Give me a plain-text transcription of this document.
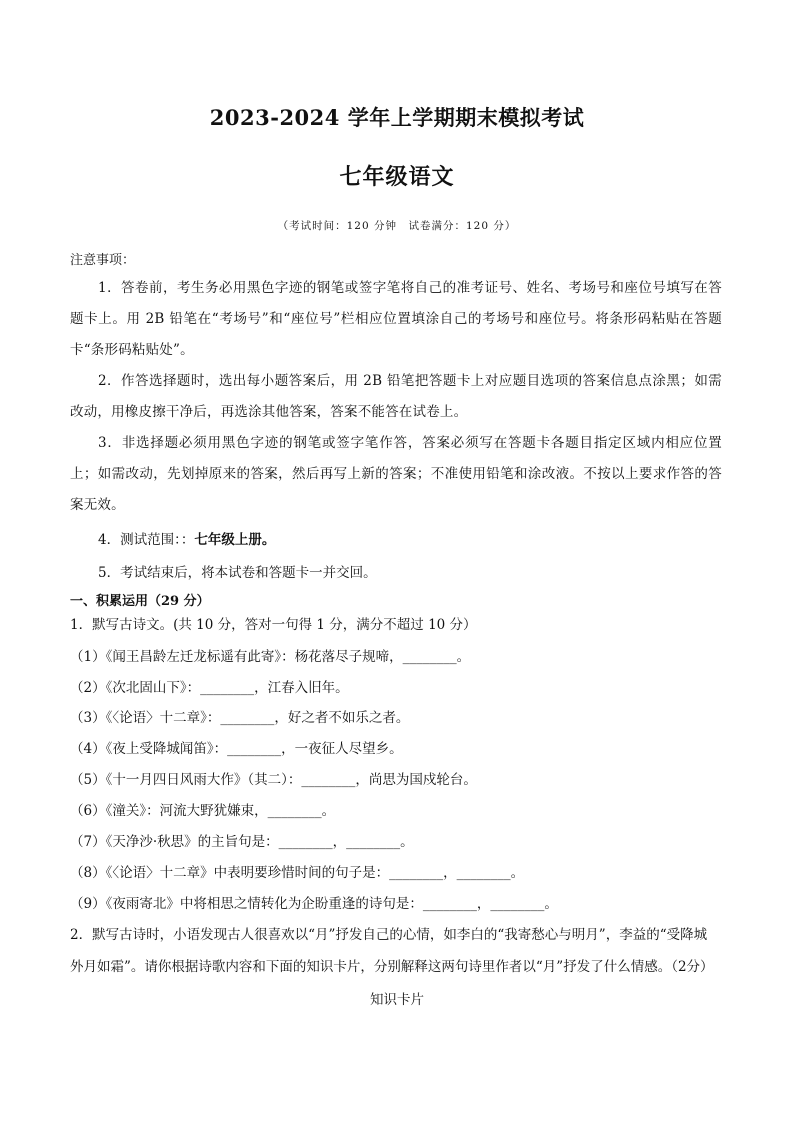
2023-2024 学年上学期期末模拟考试
七年级语文
（考试时间：120 分钟　试卷满分：120 分）
注意事项：
1．答卷前，考生务必用黑色字迹的钢笔或签字笔将自己的准考证号、姓名、考场号和座位号填写在答题卡上。用 2B 铅笔在“考场号”和“座位号”栏相应位置填涂自己的考场号和座位号。将条形码粘贴在答题卡“条形码粘贴处”。
2．作答选择题时，选出每小题答案后，用 2B 铅笔把答题卡上对应题目选项的答案信息点涂黑；如需改动，用橡皮擦干净后，再选涂其他答案，答案不能答在试卷上。
3．非选择题必须用黑色字迹的钢笔或签字笔作答，答案必须写在答题卡各题目指定区域内相应位置上；如需改动，先划掉原来的答案，然后再写上新的答案；不准使用铅笔和涂改液。不按以上要求作答的答案无效。
4．测试范围：：七年级上册。
5．考试结束后，将本试卷和答题卡一并交回。
一、积累运用（29 分）
1．默写古诗文。(共 10 分，答对一句得 1 分，满分不超过 10 分）
（1）《闻王昌龄左迁龙标遥有此寄》：杨花落尽子规啼，________。
（2）《次北固山下》：________，江春入旧年。
（3）《〈论语〉十二章》：________，好之者不如乐之者。
（4）《夜上受降城闻笛》：________，一夜征人尽望乡。
（5）《十一月四日风雨大作》（其二）：________，尚思为国戍轮台。
（6）《潼关》：河流大野犹嫌束，________。
（7）《天净沙·秋思》的主旨句是：________，________。
（8）《〈论语〉十二章》中表明要珍惜时间的句子是：________，________。
（9）《夜雨寄北》中将相思之情转化为企盼重逢的诗句是：________，________。
2．默写古诗时，小语发现古人很喜欢以“月”抒发自己的心情，如李白的“我寄愁心与明月”，李益的“受降城
外月如霜”。请你根据诗歌内容和下面的知识卡片，分别解释这两句诗里作者以“月”抒发了什么情感。（2分）
知识卡片
